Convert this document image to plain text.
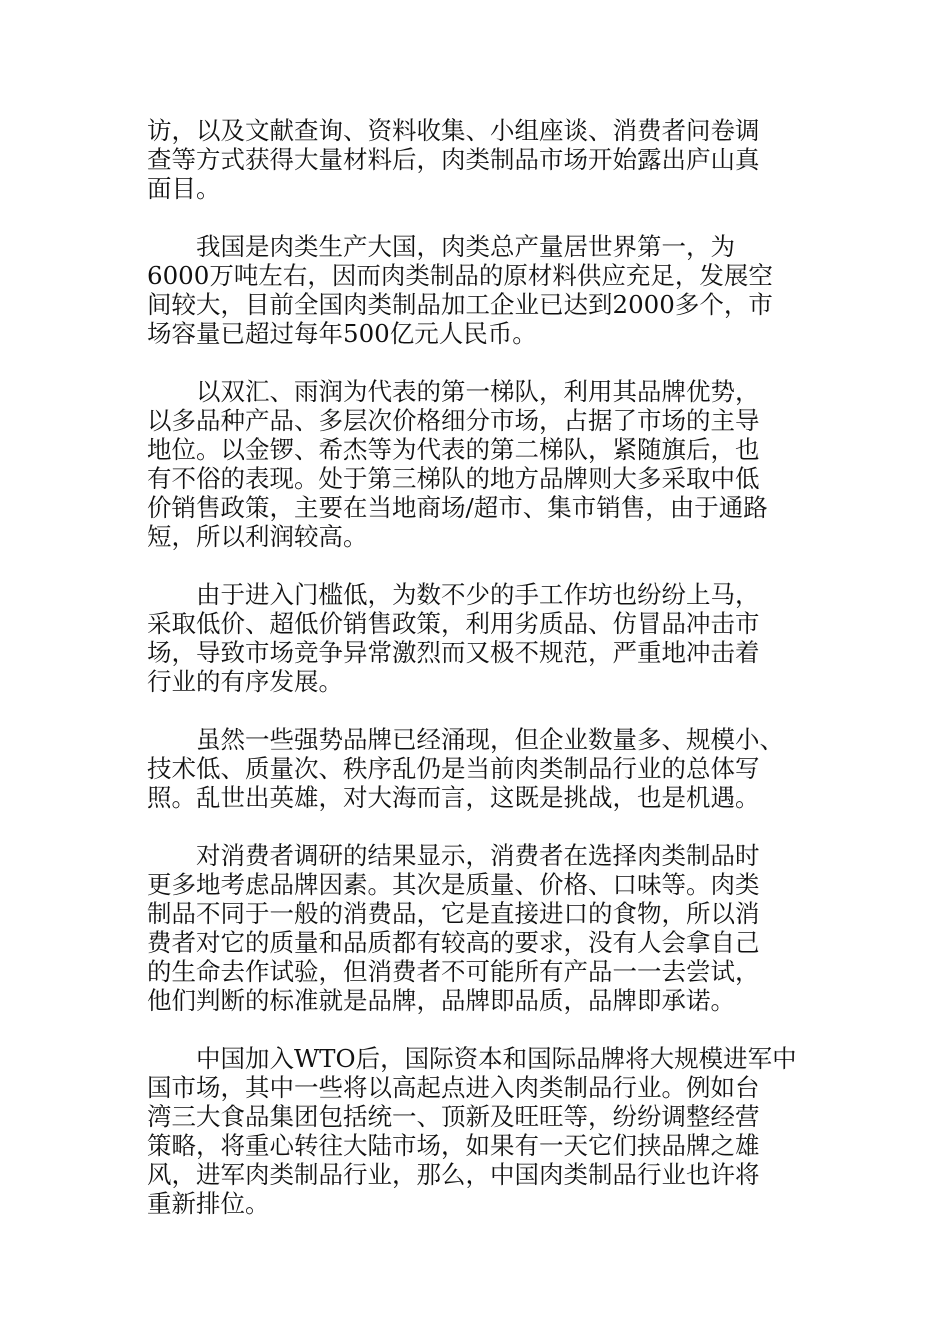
访，以及文献查询、资料收集、小组座谈、消费者问卷调
查等方式获得大量材料后，肉类制品市场开始露出庐山真
面目。

　　我国是肉类生产大国，肉类总产量居世界第一，为
6000万吨左右，因而肉类制品的原材料供应充足，发展空
间较大，目前全国肉类制品加工企业已达到2000多个，市
场容量已超过每年500亿元人民币。

　　以双汇、雨润为代表的第一梯队，利用其品牌优势，
以多品种产品、多层次价格细分市场，占据了市场的主导
地位。以金锣、希杰等为代表的第二梯队，紧随旗后，也
有不俗的表现。处于第三梯队的地方品牌则大多采取中低
价销售政策，主要在当地商场/超市、集市销售，由于通路
短，所以利润较高。

　　由于进入门槛低，为数不少的手工作坊也纷纷上马，
采取低价、超低价销售政策，利用劣质品、仿冒品冲击市
场，导致市场竞争异常激烈而又极不规范，严重地冲击着
行业的有序发展。

　　虽然一些强势品牌已经涌现，但企业数量多、规模小、
技术低、质量次、秩序乱仍是当前肉类制品行业的总体写
照。乱世出英雄，对大海而言，这既是挑战，也是机遇。

　　对消费者调研的结果显示，消费者在选择肉类制品时
更多地考虑品牌因素。其次是质量、价格、口味等。肉类
制品不同于一般的消费品，它是直接进口的食物，所以消
费者对它的质量和品质都有较高的要求，没有人会拿自己
的生命去作试验，但消费者不可能所有产品一一去尝试，
他们判断的标准就是品牌，品牌即品质，品牌即承诺。

　　中国加入WTO后，国际资本和国际品牌将大规模进军中
国市场，其中一些将以高起点进入肉类制品行业。例如台
湾三大食品集团包括统一、顶新及旺旺等，纷纷调整经营
策略，将重心转往大陆市场，如果有一天它们挟品牌之雄
风，进军肉类制品行业，那么，中国肉类制品行业也许将
重新排位。
